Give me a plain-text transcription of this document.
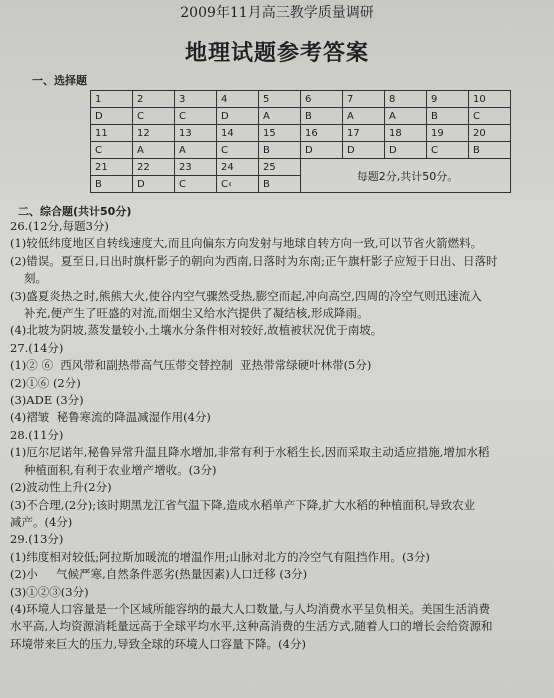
2009年11月高三教学质量调研
地理试题参考答案
一、选择题
1	2	3	4	5	6	7	8	9	10
D	C	C	D	A	B	A	A	B	C
11	12	13	14	15	16	17	18	19	20
C	A	A	C	B	D	D	D	C	B
21	22	23	24	25	每题2分,共计50分。				
B	D	C	C‹	B					
二、综合题(共计50分)

26.(12分,每题3分)

(1)较低纬度地区自转线速度大,而且向偏东方向发射与地球自转方向一致,可以节省火箭燃料。

(2)错误。夏至日,日出时旗杆影子的朝向为西南,日落时为东南;正午旗杆影子应短于日出、日落时

刻。

(3)盛夏炎热之时,熊熊大火,使谷内空气骤然受热,膨空而起,冲向高空,四周的冷空气则迅速流入

补充,便产生了旺盛的对流,而烟尘又给水汽提供了凝结核,形成降雨。

(4)北坡为阴坡,蒸发量较小,土壤水分条件相对较好,故植被状况优于南坡。

27.(14分)

(1)② ⑥  西风带和副热带高气压带交替控制  亚热带常绿硬叶林带(5分)

(2)①⑥ (2分)

(3)ADE (3分)

(4)褶皱  秘鲁寒流的降温减湿作用(4分)

28.(11分)

(1)厄尔尼诺年,秘鲁异常升温且降水增加,非常有利于水稻生长,因而采取主动适应措施,增加水稻

种植面积,有利于农业增产增收。(3分)

(2)波动性上升(2分)

(3)不合理,(2分);该时期黑龙江省气温下降,造成水稻单产下降,扩大水稻的种植面积,导致农业

减产。(4分)

29.(13分)

(1)纬度相对较低;阿拉斯加暖流的增温作用;山脉对北方的冷空气有阻挡作用。(3分)

(2)小     气候严寒,自然条件恶劣(热量因素)人口迁移 (3分)

(3)①②③(3分)

(4)环境人口容量是一个区域所能容纳的最大人口数量,与人均消费水平呈负相关。美国生活消费

水平高,人均资源消耗量远高于全球平均水平,这种高消费的生活方式,随着人口的增长会给资源和

环境带来巨大的压力,导致全球的环境人口容量下降。(4分)
